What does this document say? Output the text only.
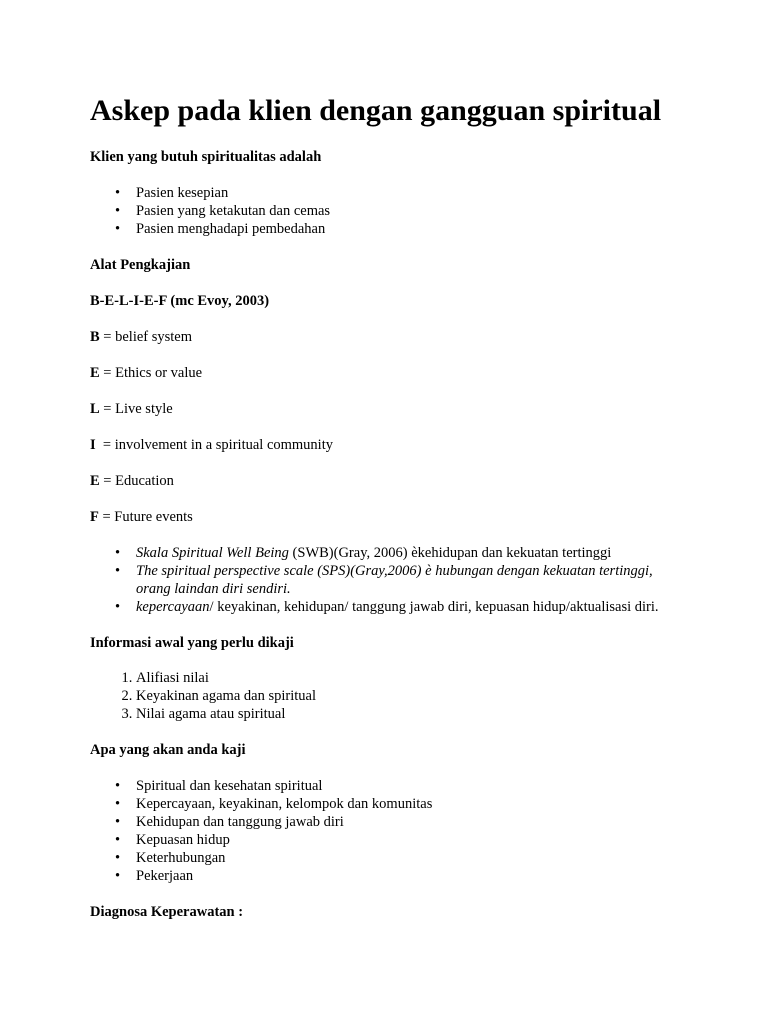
Askep pada klien dengan gangguan spiritual

Klien yang butuh spiritualitas adalah

• Pasien kesepian
• Pasien yang ketakutan dan cemas
• Pasien menghadapi pembedahan

Alat Pengkajian

B-E-L-I-E-F (mc Evoy, 2003)

B = belief system

E = Ethics or value

L = Live style

I  = involvement in a spiritual community

E = Education

F = Future events

• Skala Spiritual Well Being (SWB)(Gray, 2006) èkehidupan dan kekuatan tertinggi
• The spiritual perspective scale (SPS)(Gray,2006) è hubungan dengan kekuatan tertinggi,
orang laindan diri sendiri.
• kepercayaan/ keyakinan, kehidupan/ tanggung jawab diri, kepuasan hidup/aktualisasi diri.

Informasi awal yang perlu dikaji

1. Alifiasi nilai
2. Keyakinan agama dan spiritual
3. Nilai agama atau spiritual

Apa yang akan anda kaji

• Spiritual dan kesehatan spiritual
• Kepercayaan, keyakinan, kelompok dan komunitas
• Kehidupan dan tanggung jawab diri
• Kepuasan hidup
• Keterhubungan
• Pekerjaan

Diagnosa Keperawatan :
